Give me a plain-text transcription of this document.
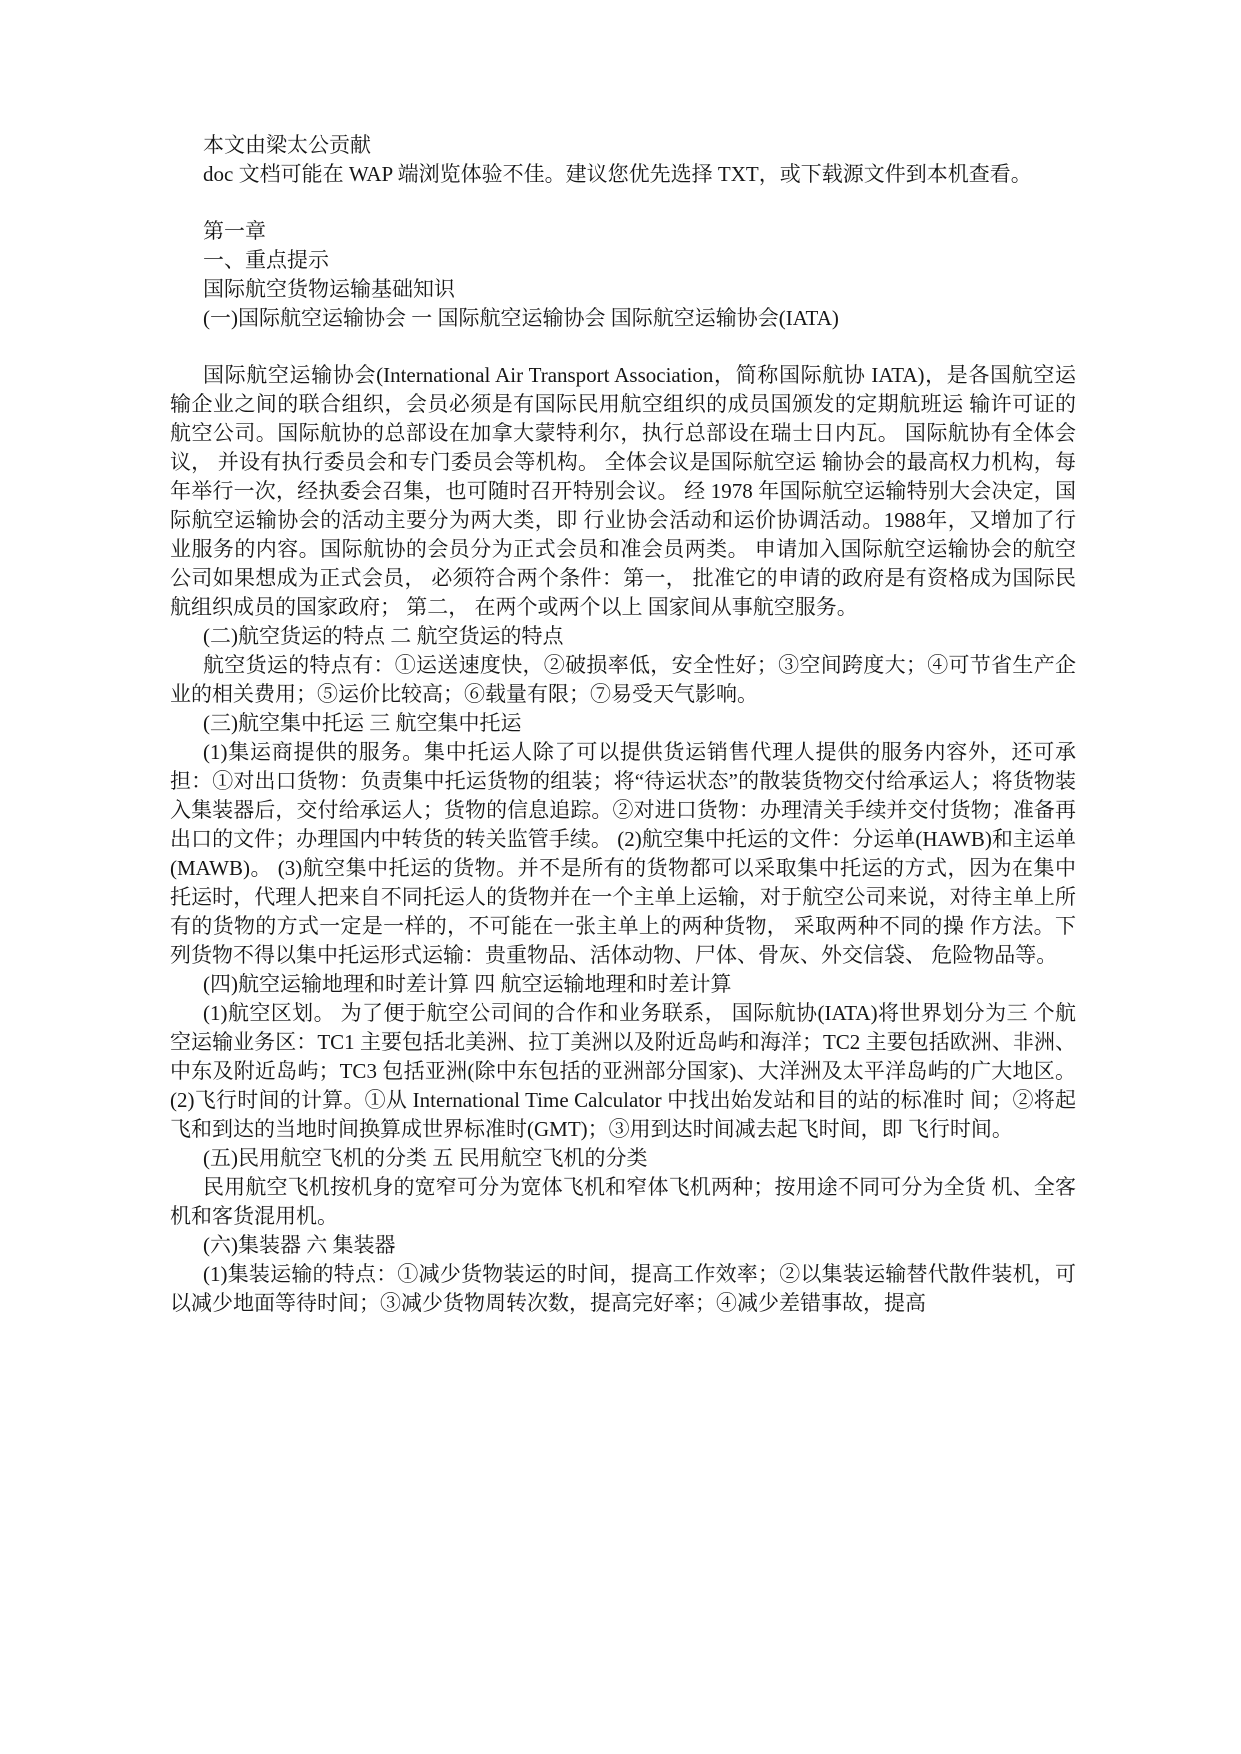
本文由梁太公贡献

doc 文档可能在 WAP 端浏览体验不佳。建议您优先选择 TXT，或下载源文件到本机查看。

第一章

一、重点提示

国际航空货物运输基础知识

(一)国际航空运输协会 一 国际航空运输协会 国际航空运输协会(IATA)

国际航空运输协会(International Air Transport Association，简称国际航协 IATA)，是各国航空运输企业之间的联合组织，会员必须是有国际民用航空组织的成员国颁发的定期航班运 输许可证的航空公司。国际航协的总部设在加拿大蒙特利尔，执行总部设在瑞士日内瓦。 国际航协有全体会议， 并设有执行委员会和专门委员会等机构。 全体会议是国际航空运 输协会的最高权力机构，每年举行一次，经执委会召集，也可随时召开特别会议。 经 1978 年国际航空运输特别大会决定，国际航空运输协会的活动主要分为两大类，即 行业协会活动和运价协调活动。1988年，又增加了行业服务的内容。国际航协的会员分为正式会员和准会员两类。 申请加入国际航空运输协会的航空公司如果想成为正式会员， 必须符合两个条件：第一， 批准它的申请的政府是有资格成为国际民航组织成员的国家政府； 第二， 在两个或两个以上 国家间从事航空服务。

(二)航空货运的特点 二 航空货运的特点

航空货运的特点有：①运送速度快，②破损率低，安全性好；③空间跨度大；④可节省生产企业的相关费用；⑤运价比较高；⑥载量有限；⑦易受天气影响。

(三)航空集中托运 三 航空集中托运

(1)集运商提供的服务。集中托运人除了可以提供货运销售代理人提供的服务内容外，还可承担：①对出口货物：负责集中托运货物的组装；将“待运状态”的散装货物交付给承运人；将货物装入集装器后，交付给承运人；货物的信息追踪。②对进口货物：办理清关手续并交付货物；准备再出口的文件；办理国内中转货的转关监管手续。 (2)航空集中托运的文件：分运单(HAWB)和主运单(MAWB)。 (3)航空集中托运的货物。并不是所有的货物都可以采取集中托运的方式，因为在集中 托运时，代理人把来自不同托运人的货物并在一个主单上运输，对于航空公司来说，对待主单上所有的货物的方式一定是一样的，不可能在一张主单上的两种货物， 采取两种不同的操 作方法。下列货物不得以集中托运形式运输：贵重物品、活体动物、尸体、骨灰、外交信袋、 危险物品等。

(四)航空运输地理和时差计算 四 航空运输地理和时差计算

(1)航空区划。 为了便于航空公司间的合作和业务联系， 国际航协(IATA)将世界划分为三 个航空运输业务区：TC1 主要包括北美洲、拉丁美洲以及附近岛屿和海洋；TC2 主要包括欧洲、非洲、中东及附近岛屿；TC3 包括亚洲(除中东包括的亚洲部分国家)、大洋洲及太平洋岛屿的广大地区。 (2)飞行时间的计算。①从 International Time Calculator 中找出始发站和目的站的标准时 间；②将起飞和到达的当地时间换算成世界标准时(GMT)；③用到达时间减去起飞时间，即 飞行时间。

(五)民用航空飞机的分类 五 民用航空飞机的分类

民用航空飞机按机身的宽窄可分为宽体飞机和窄体飞机两种；按用途不同可分为全货 机、全客机和客货混用机。

(六)集装器 六 集装器

(1)集装运输的特点：①减少货物装运的时间，提高工作效率；②以集装运输替代散件装机，可以减少地面等待时间；③减少货物周转次数，提高完好率；④减少差错事故，提高
